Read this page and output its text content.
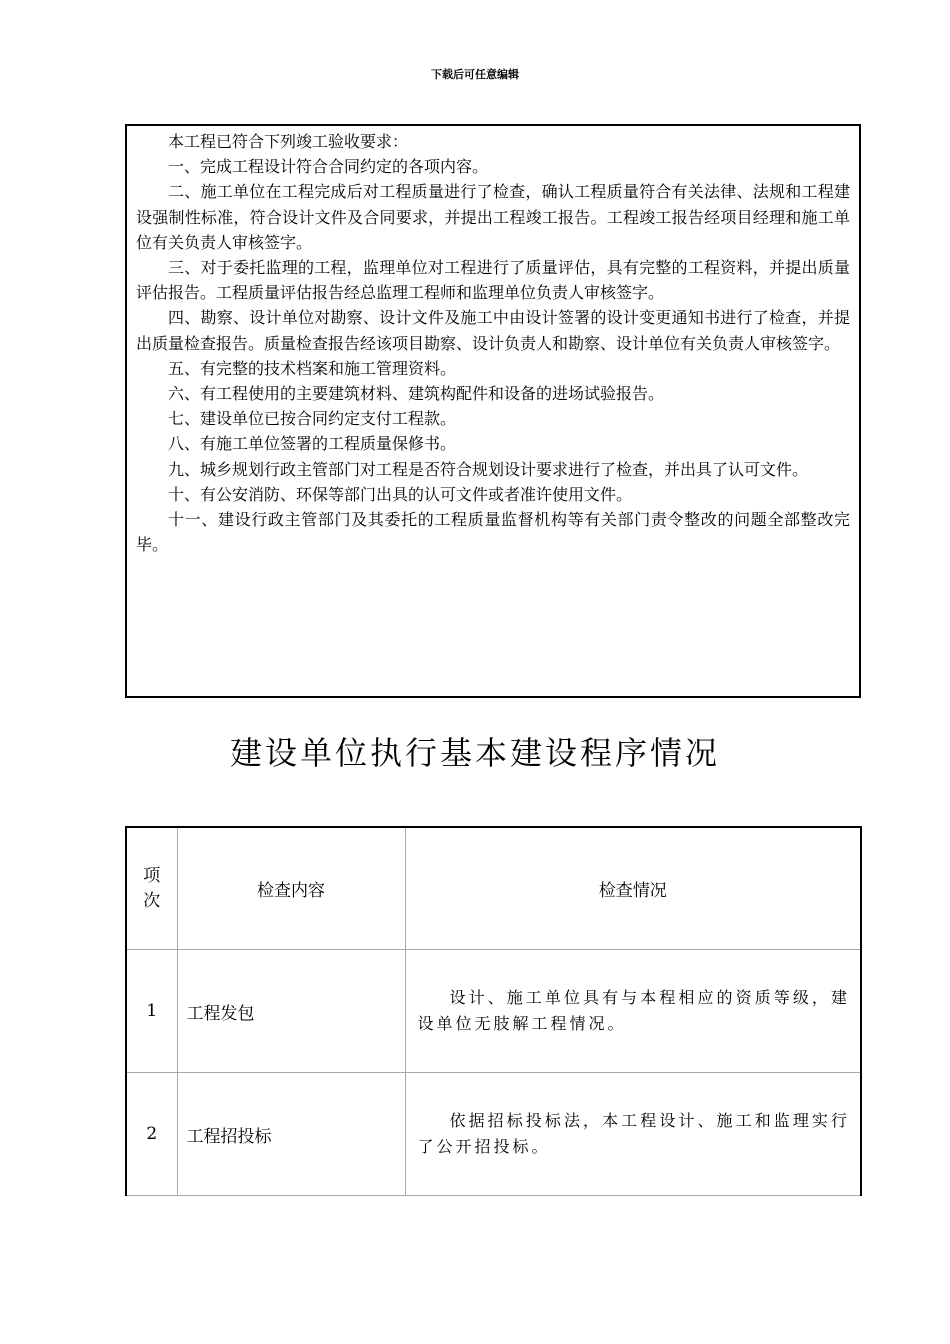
下载后可任意编辑

本工程已符合下列竣工验收要求：

一、完成工程设计符合合同约定的各项内容。

二、施工单位在工程完成后对工程质量进行了检查，确认工程质量符合有关法律、法规和工程建设强制性标准，符合设计文件及合同要求，并提出工程竣工报告。工程竣工报告经项目经理和施工单位有关负责人审核签字。

三、对于委托监理的工程，监理单位对工程进行了质量评估，具有完整的工程资料，并提出质量评估报告。工程质量评估报告经总监理工程师和监理单位负责人审核签字。

四、勘察、设计单位对勘察、设计文件及施工中由设计签署的设计变更通知书进行了检查，并提出质量检查报告。质量检查报告经该项目勘察、设计负责人和勘察、设计单位有关负责人审核签字。

五、有完整的技术档案和施工管理资料。

六、有工程使用的主要建筑材料、建筑构配件和设备的进场试验报告。

七、建设单位已按合同约定支付工程款。

八、有施工单位签署的工程质量保修书。

九、城乡规划行政主管部门对工程是否符合规划设计要求进行了检查，并出具了认可文件。

十、有公安消防、环保等部门出具的认可文件或者准许使用文件。

十一、建设行政主管部门及其委托的工程质量监督机构等有关部门责令整改的问题全部整改完毕。

建设单位执行基本建设程序情况
项
次	检查内容	检查情况
1	工程发包	设计、施工单位具有与本程相应的资质等级，建设单位无肢解工程情况。

2	工程招投标	依据招标投标法，本工程设计、施工和监理实行了公开招投标。
